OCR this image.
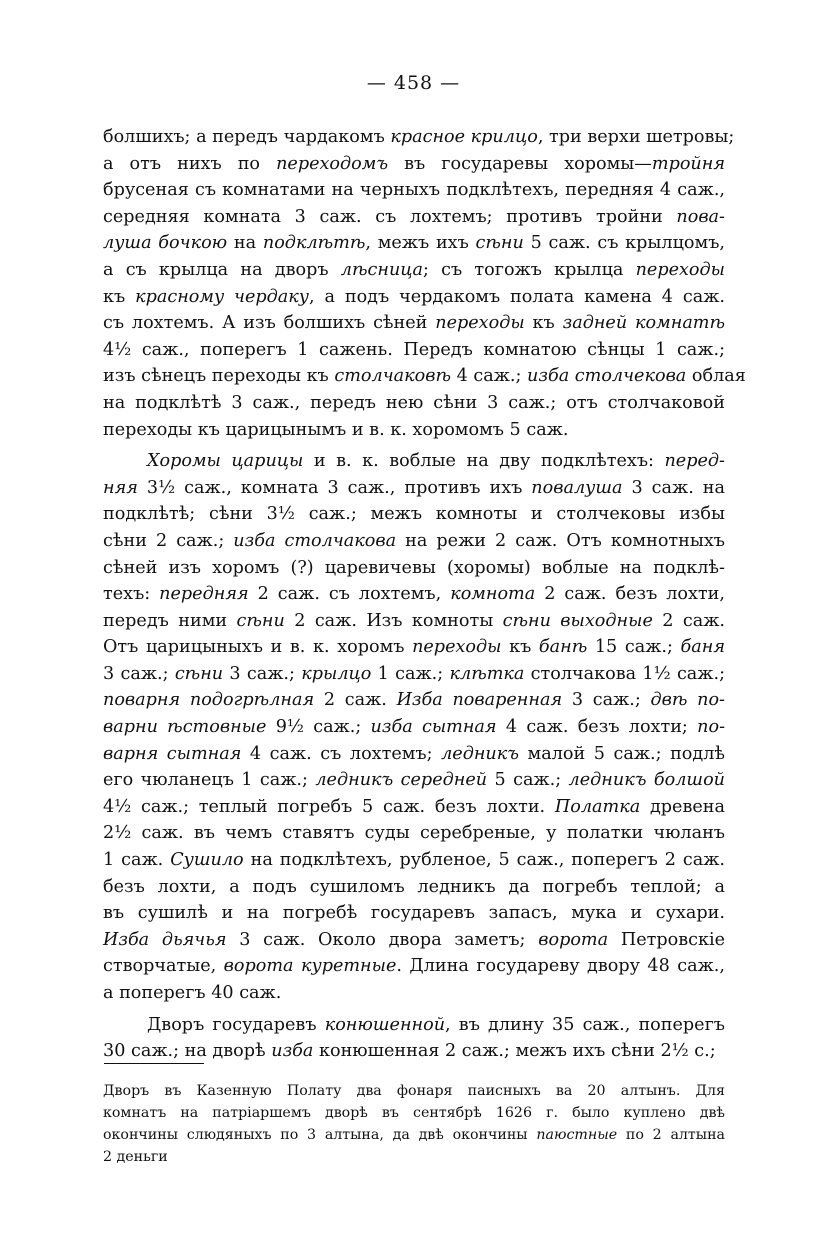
— 458 —

болшихъ; а передъ чардакомъ красное крилцо, три верхи шетровы;
а отъ нихъ по переходомъ въ государевы хоромы—тройня
брусеная съ комнатами на черныхъ подклѣтехъ, передняя 4 саж.,
середняя комната 3 саж. съ лохтемъ; противъ тройни пова-
луша бочкою на подклѣтѣ, межъ ихъ сѣни 5 саж. съ крылцомъ,
а съ крылца на дворъ лѣсница; съ тогожъ крылца переходы
къ красному чердаку, а подъ чердакомъ полата камена 4 саж.
съ лохтемъ. А изъ болшихъ сѣней переходы къ задней комнатѣ
4½ саж., поперегъ 1 сажень. Передъ комнатою сѣнцы 1 саж.;
изъ сѣнецъ переходы къ столчаковѣ 4 саж.; изба столчекова облая
на подклѣтѣ 3 саж., передъ нею сѣни 3 саж.; отъ столчаковой
переходы къ царицынымъ и в. к. хоромомъ 5 саж.

Хоромы царицы и в. к. воблые на дву подклѣтехъ: перед-
няя 3½ саж., комната 3 саж., противъ ихъ повалуша 3 саж. на
подклѣтѣ; сѣни 3½ саж.; межъ комноты и столчековы избы
сѣни 2 саж.; изба столчакова на режи 2 саж. Отъ комнотныхъ
сѣней изъ хоромъ (?) царевичевы (хоромы) воблые на подклѣ-
техъ: передняя 2 саж. съ лохтемъ, комнота 2 саж. безъ лохти,
передъ ними сѣни 2 саж. Изъ комноты сѣни выходные 2 саж.
Отъ царицыныхъ и в. к. хоромъ переходы къ банѣ 15 саж.; баня
3 саж.; сѣни 3 саж.; крылцо 1 саж.; клѣтка столчакова 1½ саж.;
поварня подогрѣлная 2 саж. Изба поваренная 3 саж.; двѣ по-
варни ѣстовные 9½ саж.; изба сытная 4 саж. безъ лохти; по-
варня сытная 4 саж. съ лохтемъ; ледникъ малой 5 саж.; подлѣ
его чюланецъ 1 саж.; ледникъ середней 5 саж.; ледникъ болшой
4½ саж.; теплый погребъ 5 саж. безъ лохти. Полатка древена
2½ саж. въ чемъ ставятъ суды серебреные, у полатки чюланъ
1 саж. Сушило на подклѣтехъ, рубленое, 5 саж., поперегъ 2 саж.
безъ лохти, а подъ сушиломъ ледникъ да погребъ теплой; а
въ сушилѣ и на погребѣ государевъ запасъ, мука и сухари.
Изба дьячья 3 саж. Около двора заметъ; ворота Петровскіе
створчатые, ворота куретные. Длина государеву двору 48 саж.,
а поперегъ 40 саж.

Дворъ государевъ конюшенной, въ длину 35 саж., поперегъ
30 саж.; на дворѣ изба конюшенная 2 саж.; межъ ихъ сѣни 2½ с.;

Дворъ въ Казенную Полату два фонаря паисныхъ ва 20 алтынъ. Для
комнатъ на патріаршемъ дворѣ въ сентябрѣ 1626 г. было куплено двѣ
окончины слюдяныхъ по 3 алтына, да двѣ окончины паюстные по 2 алтына
2 деньги
